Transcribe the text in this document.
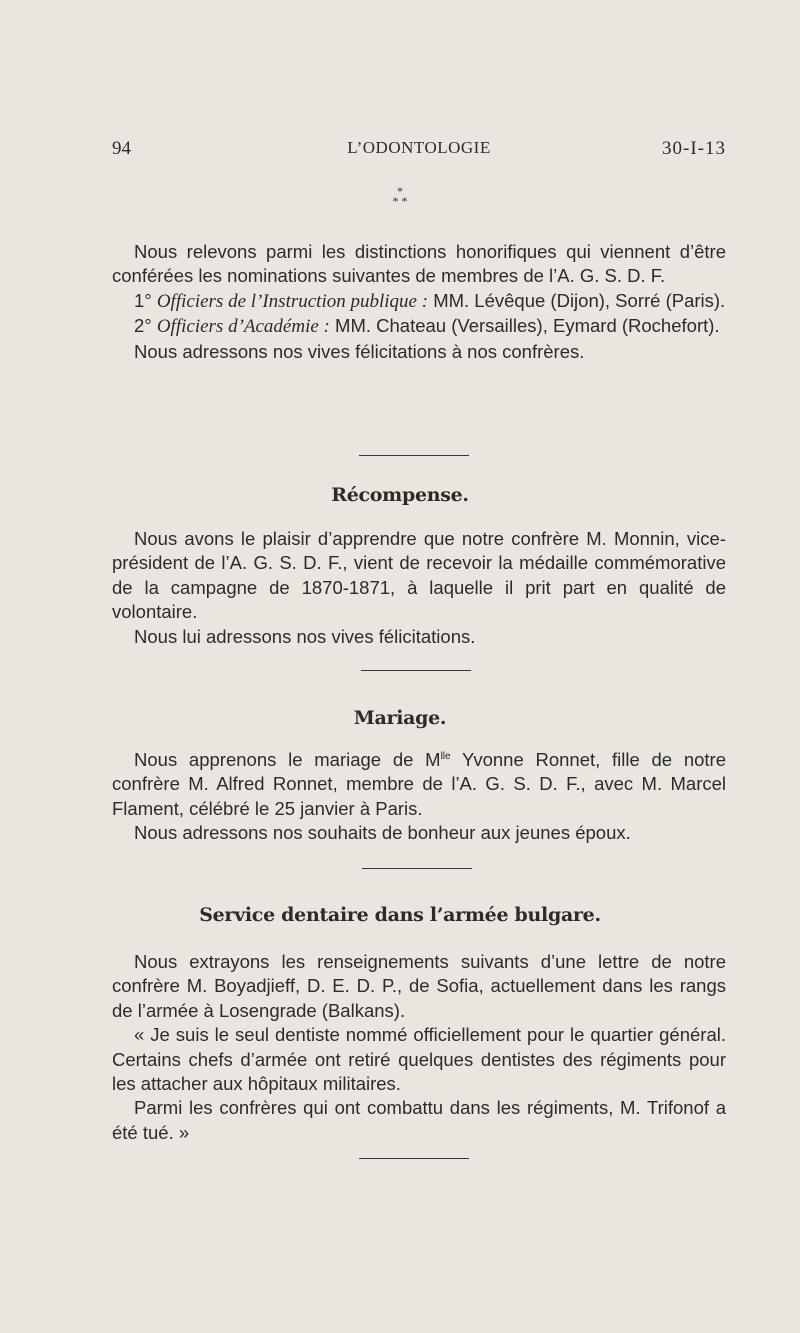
94	L’ODONTOLOGIE	30-I-13
*
* *

Nous relevons parmi les distinctions honorifiques qui viennent d’être conférées les nominations suivantes de membres de l’A. G. S. D. F.

1° Officiers de l’Instruction publique : MM. Lévêque (Dijon), Sorré (Paris).

2° Officiers d’Académie : MM. Chateau (Versailles), Eymard (Rochefort).

Nous adressons nos vives félicitations à nos confrères.

Récompense.

Nous avons le plaisir d’apprendre que notre confrère M. Monnin, vice-président de l’A. G. S. D. F., vient de recevoir la médaille commémorative de la campagne de 1870-1871, à laquelle il prit part en qualité de volontaire.

Nous lui adressons nos vives félicitations.

Mariage.

Nous apprenons le mariage de $M^{lle}$ Yvonne Ronnet, fille de notre confrère M. Alfred Ronnet, membre de l’A. G. S. D. F., avec M. Marcel Flament, célébré le 25 janvier à Paris.

Nous adressons nos souhaits de bonheur aux jeunes époux.

Service dentaire dans l’armée bulgare.

Nous extrayons les renseignements suivants d’une lettre de notre confrère M. Boyadjieff, D. E. D. P., de Sofia, actuellement dans les rangs de l’armée à Losengrade (Balkans).

« Je suis le seul dentiste nommé officiellement pour le quartier général. Certains chefs d’armée ont retiré quelques dentistes des régiments pour les attacher aux hôpitaux militaires.

Parmi les confrères qui ont combattu dans les régiments, M. Trifonof a été tué. »
